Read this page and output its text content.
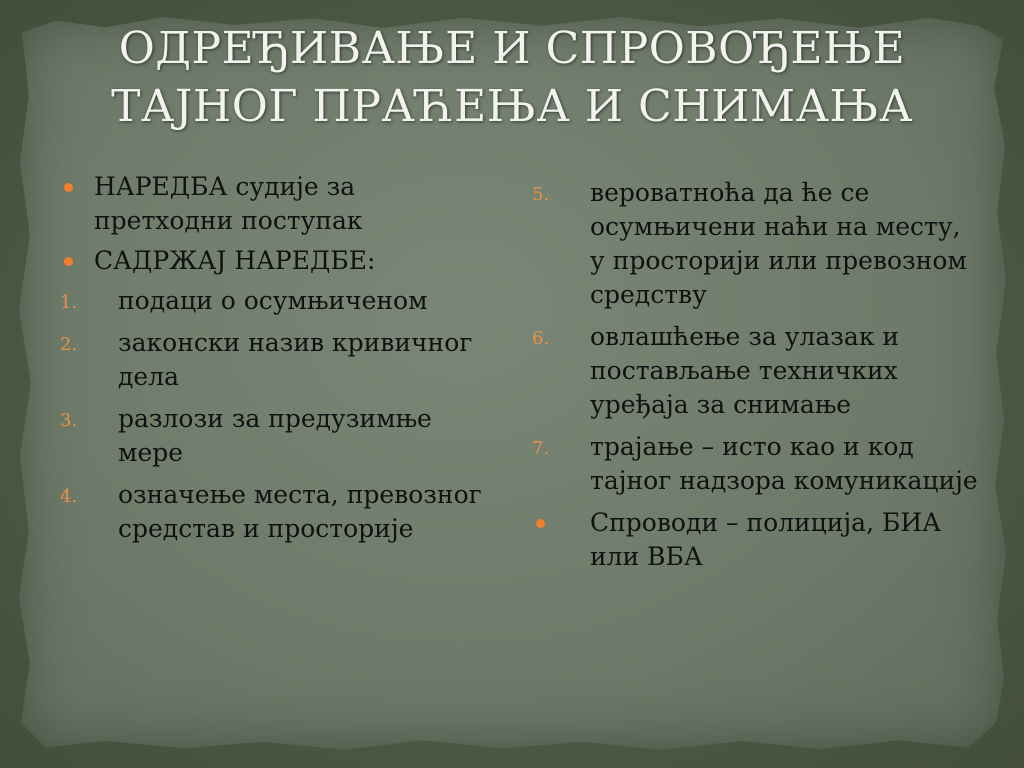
ОДРЕЂИВАЊЕ И СПРОВОЂЕЊЕ
ТАЈНОГ ПРАЋЕЊА И СНИМАЊА
НАРЕДБА судије за претходни поступак
САДРЖАЈ НАРЕДБЕ:
1. подаци о осумњиченом
2. законски назив кривичног дела
3. разлози за предузимње мере
4. означење места, превозног средстав и просторије
5. вероватноћа да ће се осумњичени наћи на месту, у просторији или превозном средству
6. овлашћење за улазак и постављање техничких уређаја за снимање
7. трајање – исто као и код тајног надзора комуникације
Спроводи – полиција, БИА или ВБА
